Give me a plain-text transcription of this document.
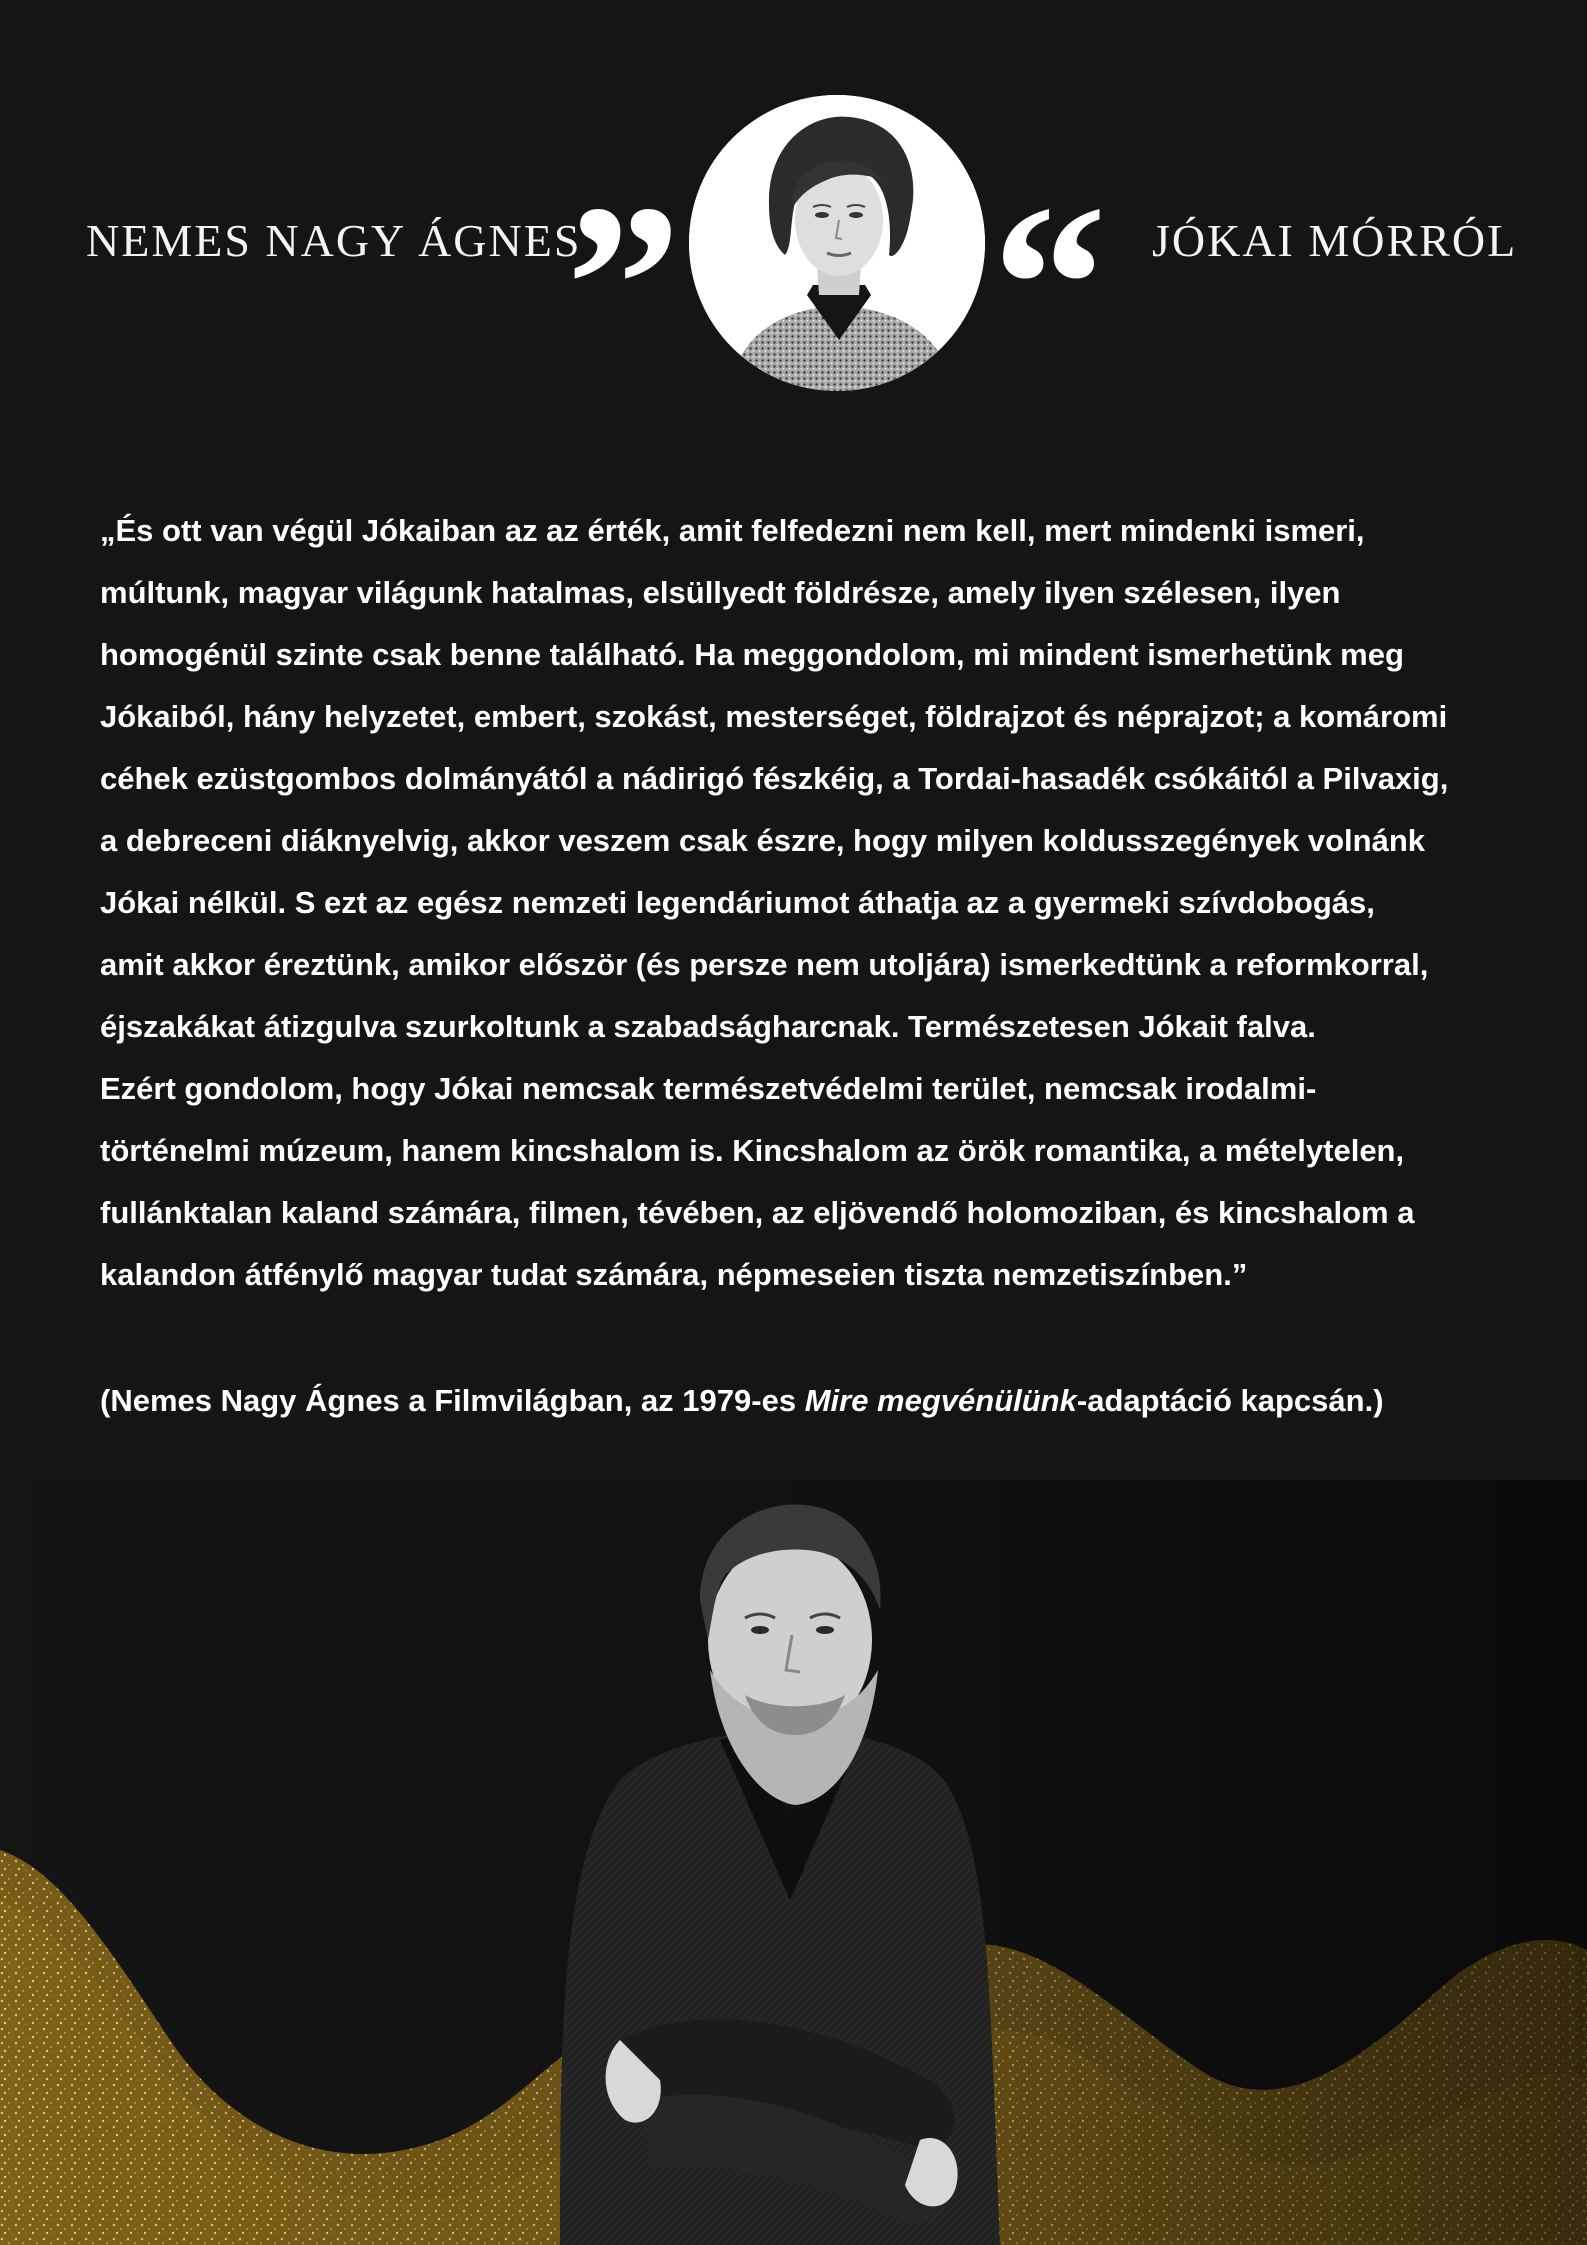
NEMES NAGY ÁGNES
” “ JÓKAI MÓRRÓL
„És ott van végül Jókaiban az az érték, amit felfedezni nem kell, mert mindenki ismeri,
múltunk, magyar világunk hatalmas, elsüllyedt földrésze, amely ilyen szélesen, ilyen
homogénül szinte csak benne található. Ha meggondolom, mi mindent ismerhetünk meg
Jókaiból, hány helyzetet, embert, szokást, mesterséget, földrajzot és néprajzot; a komáromi
céhek ezüstgombos dolmányától a nádirigó fészkéig, a Tordai-hasadék csókáitól a Pilvaxig,
a debreceni diáknyelvig, akkor veszem csak észre, hogy milyen koldusszegények volnánk
Jókai nélkül. S ezt az egész nemzeti legendáriumot áthatja az a gyermeki szívdobogás,
amit akkor éreztünk, amikor először (és persze nem utoljára) ismerkedtünk a reformkorral,
éjszakákat átizgulva szurkoltunk a szabadságharcnak. Természetesen Jókait falva.
Ezért gondolom, hogy Jókai nemcsak természetvédelmi terület, nemcsak irodalmi-
történelmi múzeum, hanem kincshalom is. Kincshalom az örök romantika, a mételytelen,
fullánktalan kaland számára, filmen, tévében, az eljövendő holomoziban, és kincshalom a
kalandon átfénylő magyar tudat számára, népmeseien tiszta nemzetiszínben.”
(Nemes Nagy Ágnes a Filmvilágban, az 1979-es Mire megvénülünk-adaptáció kapcsán.)
